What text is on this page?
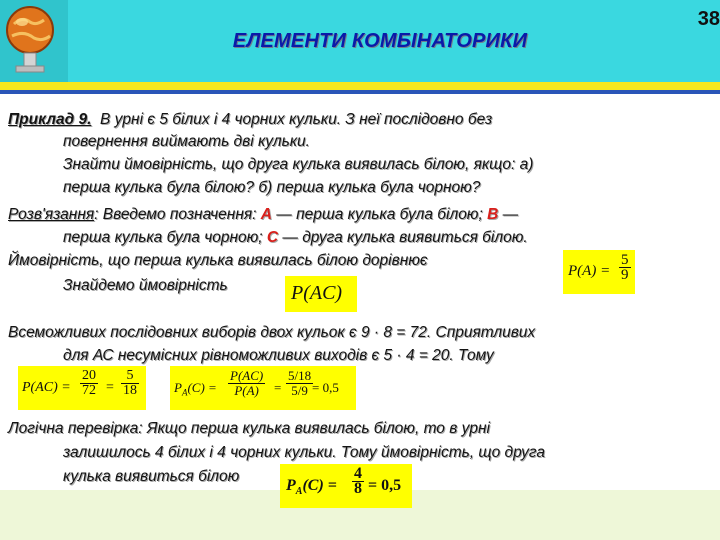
ЕЛЕМЕНТИ КОМБІНАТОРИКИ
38
Приклад 9. В урні є 5 білих і 4 чорних кульки. З неї послідовно без
повернення виймають дві кульки.
Знайти ймовірність, що друга кулька виявилась білою, якщо: а)
перша кулька була білою? б) перша кулька була чорною?
Розв'язання: Введемо позначення: A — перша кулька була білою; B —
перша кулька була чорною; C — друга кулька виявиться білою.
Ймовірність, що перша кулька виявилась білою дорівнює
Знайдемо ймовірність
$P(A) = \frac{5}{9}$
P(AC)
Всеможливих послідовних виборів двох кульок є 9 · 8 = 72. Сприятливих
для АС несумісних рівноможливих виходів є 5 · 4 = 20. Тому
$P(AC) = \frac{20}{72} = \frac{5}{18}$	$P_A(C) = \frac{P(AC)}{P(A)} = \frac{5/18}{5/9}$
= 0,5
Логічна перевірка: Якщо перша кулька виявилась білою, то в урні
залишилось 4 білих і 4 чорних кульки. Тому ймовірність, що друга
кулька виявиться білою
$P_A(C) = \frac{4}{8} = 0,5$
